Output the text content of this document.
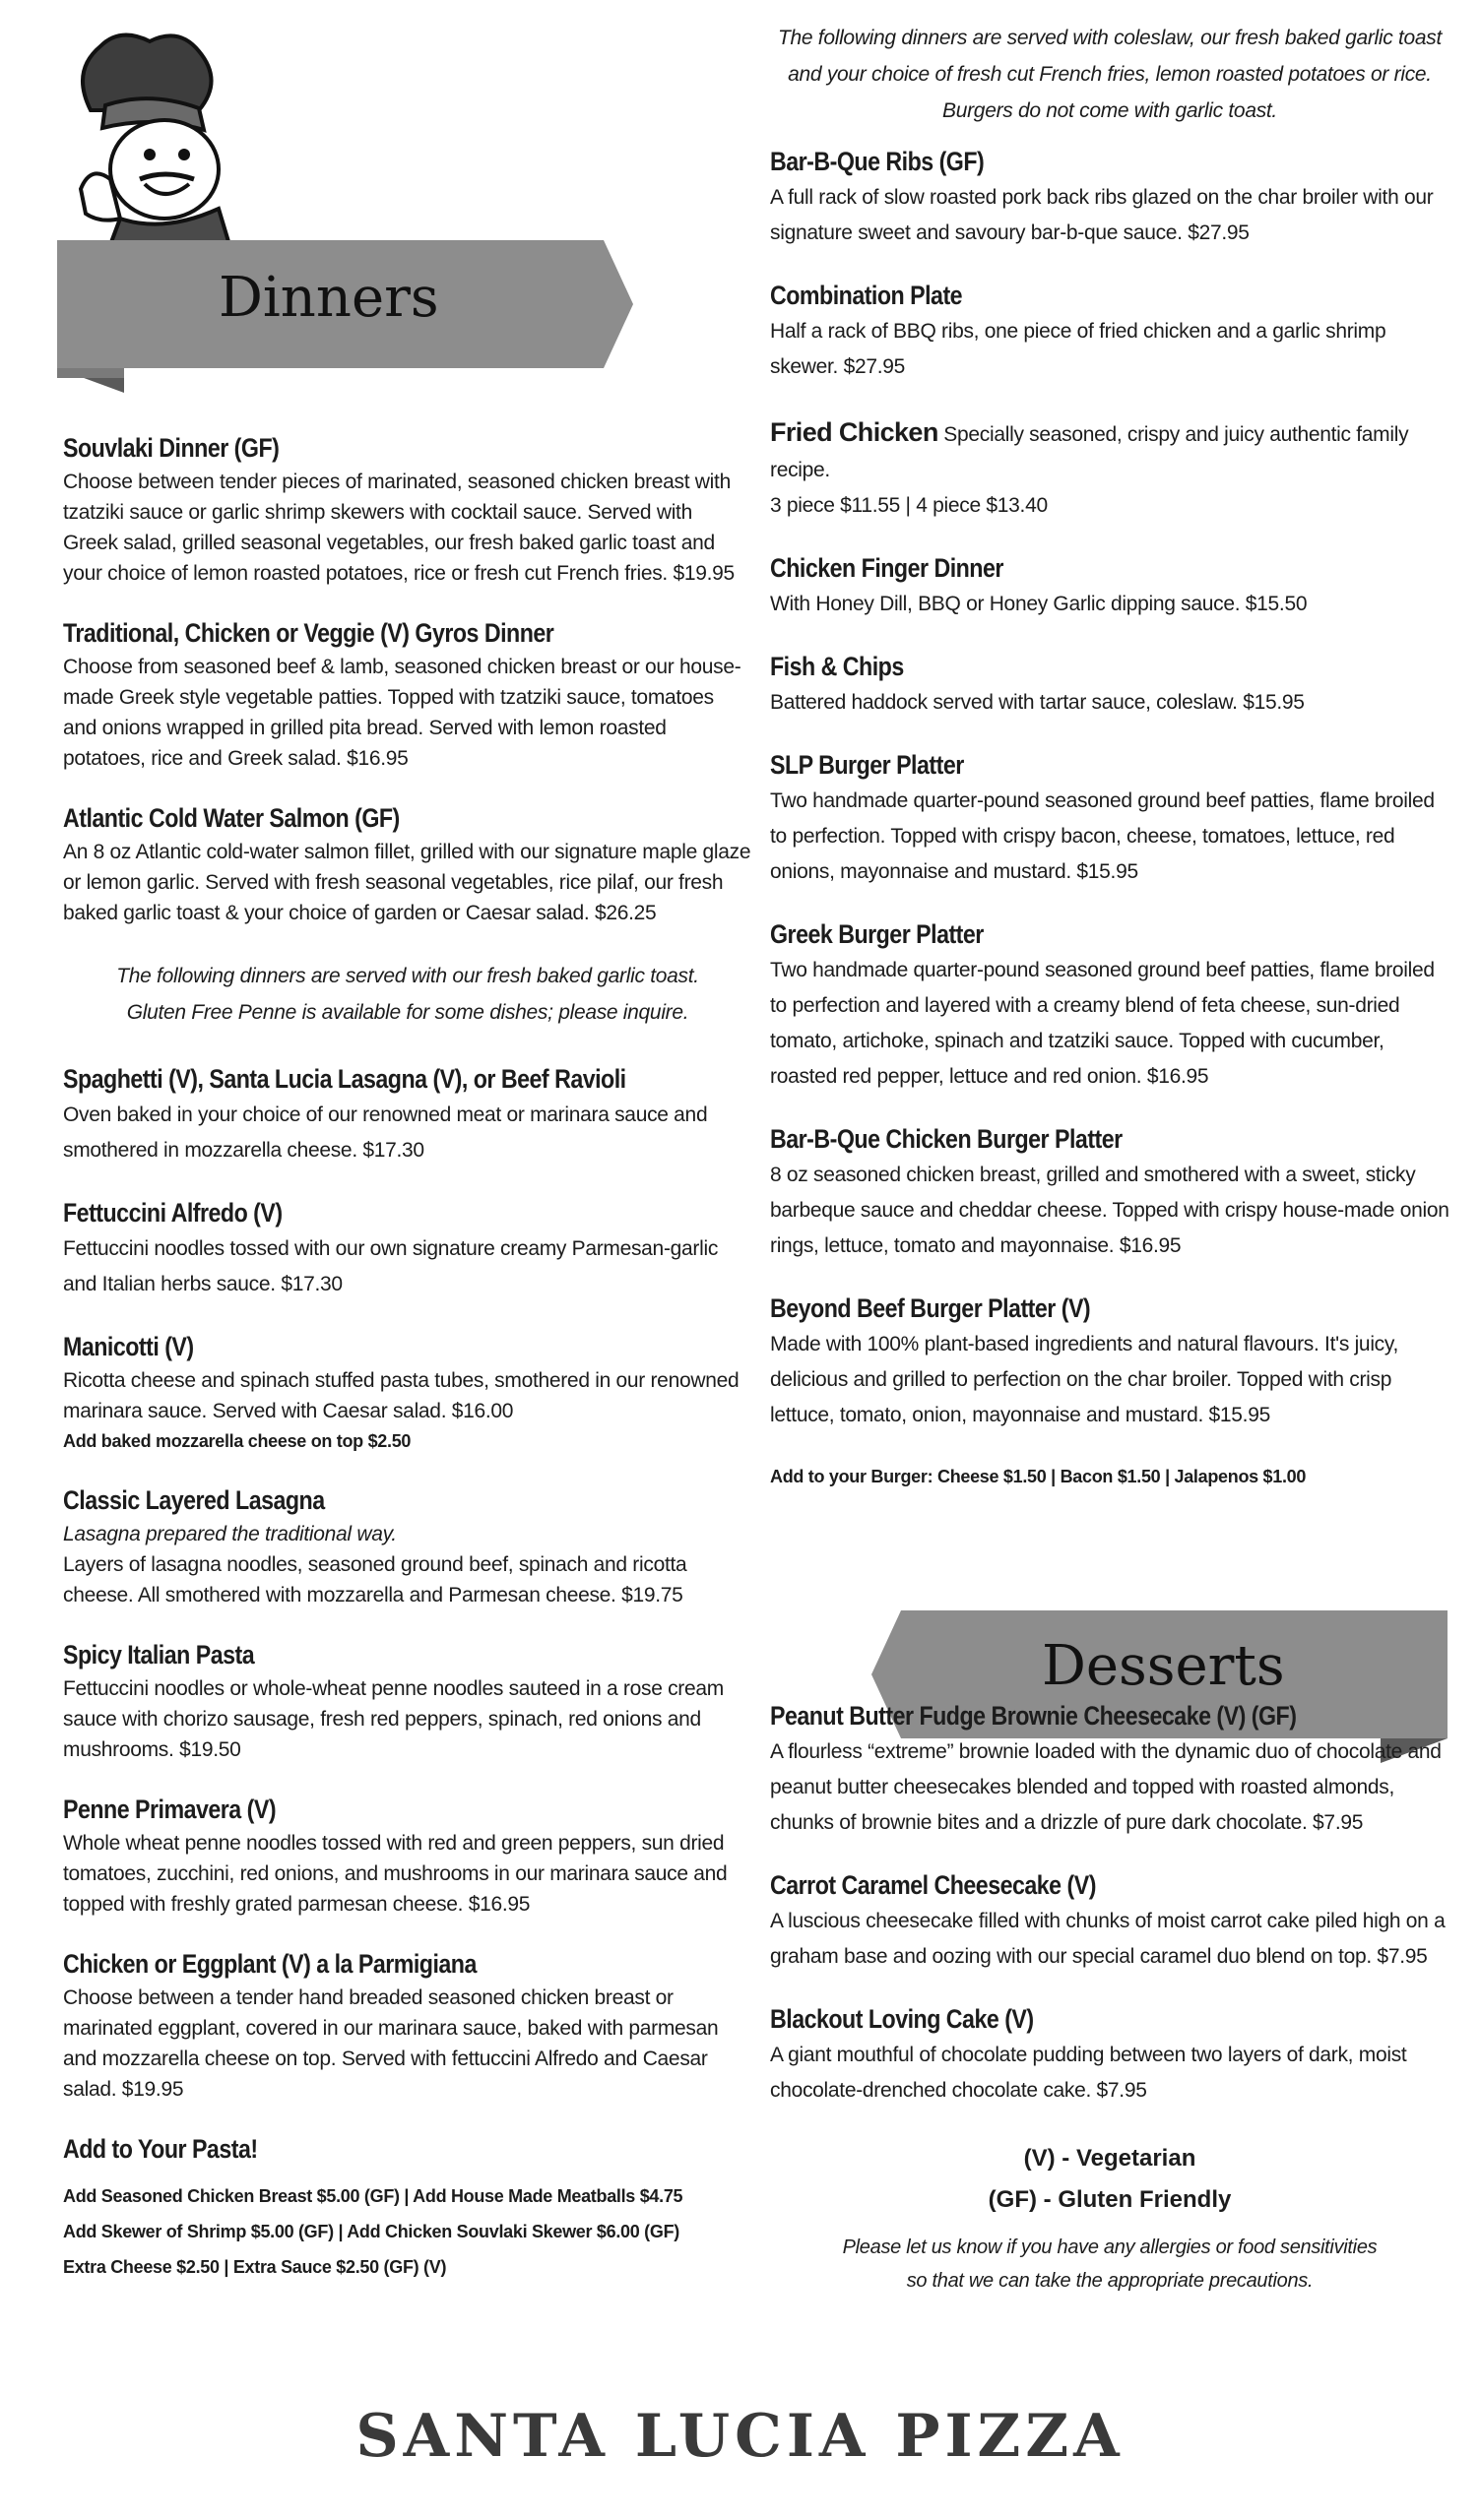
Dinners
Desserts
Souvlaki Dinner (GF)
Choose between tender pieces of marinated, seasoned chicken breast with tzatziki sauce or garlic shrimp skewers with cocktail sauce. Served with Greek salad, grilled seasonal vegetables, our fresh baked garlic toast and your choice of lemon roasted potatoes, rice or fresh cut French fries. $19.95
Traditional, Chicken or Veggie (V) Gyros Dinner
Choose from seasoned beef & lamb, seasoned chicken breast or our house-made Greek style vegetable patties. Topped with tzatziki sauce, tomatoes and onions wrapped in grilled pita bread. Served with lemon roasted potatoes, rice and Greek salad. $16.95
Atlantic Cold Water Salmon (GF)
An 8 oz Atlantic cold-water salmon fillet, grilled with our signature maple glaze or lemon garlic. Served with fresh seasonal vegetables, rice pilaf, our fresh baked garlic toast & your choice of garden or Caesar salad. $26.25
The following dinners are served with our fresh baked garlic toast.
Gluten Free Penne is available for some dishes; please inquire.
Spaghetti (V), Santa Lucia Lasagna (V), or Beef Ravioli
Oven baked in your choice of our renowned meat or marinara sauce and smothered in mozzarella cheese. $17.30
Fettuccini Alfredo (V)
Fettuccini noodles tossed with our own signature creamy Parmesan-garlic and Italian herbs sauce. $17.30
Manicotti (V)
Ricotta cheese and spinach stuffed pasta tubes, smothered in our renowned marinara sauce. Served with Caesar salad. $16.00
Add baked mozzarella cheese on top $2.50
Classic Layered Lasagna
Lasagna prepared the traditional way.
Layers of lasagna noodles, seasoned ground beef, spinach and ricotta cheese. All smothered with mozzarella and Parmesan cheese. $19.75
Spicy Italian Pasta
Fettuccini noodles or whole-wheat penne noodles sauteed in a rose cream sauce with chorizo sausage, fresh red peppers, spinach, red onions and mushrooms. $19.50
Penne Primavera (V)
Whole wheat penne noodles tossed with red and green peppers, sun dried tomatoes, zucchini, red onions, and mushrooms in our marinara sauce and topped with freshly grated parmesan cheese. $16.95
Chicken or Eggplant (V) a la Parmigiana
Choose between a tender hand breaded seasoned chicken breast or marinated eggplant, covered in our marinara sauce, baked with parmesan and mozzarella cheese on top. Served with fettuccini Alfredo and Caesar salad. $19.95
Add to Your Pasta!
Add Seasoned Chicken Breast $5.00 (GF) | Add House Made Meatballs $4.75
Add Skewer of Shrimp $5.00 (GF) | Add Chicken Souvlaki Skewer $6.00 (GF)
Extra Cheese $2.50 | Extra Sauce $2.50 (GF) (V)
The following dinners are served with coleslaw, our fresh baked garlic toast
and your choice of fresh cut French fries, lemon roasted potatoes or rice.
Burgers do not come with garlic toast.
Bar-B-Que Ribs (GF)
A full rack of slow roasted pork back ribs glazed on the char broiler with our signature sweet and savoury bar-b-que sauce. $27.95
Combination Plate
Half a rack of BBQ ribs, one piece of fried chicken and a garlic shrimp skewer. $27.95
Fried Chicken Specially seasoned, crispy and juicy authentic family recipe.
3 piece $11.55 | 4 piece $13.40
Chicken Finger Dinner
With Honey Dill, BBQ or Honey Garlic dipping sauce. $15.50
Fish & Chips
Battered haddock served with tartar sauce, coleslaw. $15.95
SLP Burger Platter
Two handmade quarter-pound seasoned ground beef patties, flame broiled to perfection. Topped with crispy bacon, cheese, tomatoes, lettuce, red onions, mayonnaise and mustard. $15.95
Greek Burger Platter
Two handmade quarter-pound seasoned ground beef patties, flame broiled to perfection and layered with a creamy blend of feta cheese, sun-dried tomato, artichoke, spinach and tzatziki sauce. Topped with cucumber, roasted red pepper, lettuce and red onion. $16.95
Bar-B-Que Chicken Burger Platter
8 oz seasoned chicken breast, grilled and smothered with a sweet, sticky barbeque sauce and cheddar cheese. Topped with crispy house-made onion rings, lettuce, tomato and mayonnaise. $16.95
Beyond Beef Burger Platter (V)
Made with 100% plant-based ingredients and natural flavours. It's juicy, delicious and grilled to perfection on the char broiler. Topped with crisp lettuce, tomato, onion, mayonnaise and mustard. $15.95
Add to your Burger: Cheese $1.50 | Bacon $1.50 | Jalapenos $1.00
Peanut Butter Fudge Brownie Cheesecake (V) (GF)
A flourless “extreme” brownie loaded with the dynamic duo of chocolate and peanut butter cheesecakes blended and topped with roasted almonds, chunks of brownie bites and a drizzle of pure dark chocolate. $7.95
Carrot Caramel Cheesecake (V)
A luscious cheesecake filled with chunks of moist carrot cake piled high on a graham base and oozing with our special caramel duo blend on top. $7.95
Blackout Loving Cake (V)
A giant mouthful of chocolate pudding between two layers of dark, moist chocolate-drenched chocolate cake. $7.95
(V) - Vegetarian
(GF) - Gluten Friendly
Please let us know if you have any allergies or food sensitivities
so that we can take the appropriate precautions.
SANTA LUCIA PIZZA
